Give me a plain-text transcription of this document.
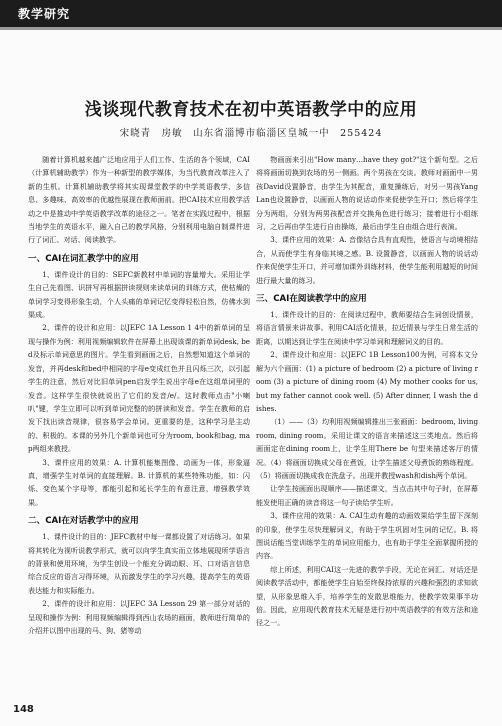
教学研究
浅谈现代教育技术在初中英语教学中的应用
宋晓青　房敏　山东省淄博市临淄区皇城一中　255424

随着计算机越来越广泛地应用于人们工作、生活的各个领域，CAI（计算机辅助教学）作为一种新型的教学媒体，为当代教育改革注入了新的生机。计算机辅助教学将其实现课堂教学的中学英语教学、多信息、多趣味、高效率的优越性展现在教师面前。把CAI技术应用教学活动之中是推动中学英语教学改革的途径之一。笔者在实践过程中，根据当地学生的英语水平，融入自己的教学风格，分别利用电脑自制课件进行了词汇、对话、阅读教学。

一、CAI在词汇教学中的应用

1、课件设计的目的：SEFC新教材中单词的容量增大。采用让学生自己先看图、识拼写再根据拼读规则来读单词的训练方式，使枯燥的单词学习变得形象生动，个人头痛的单词记忆变得轻松自然，仿佛水到渠成。

2、课件的设计和应用：以JEFC 1A Lesson 1 4中的新单词的呈现与操作为例：利用视频编辑软件在屏幕上出现该课的新单词desk, bed及标示单词意思的图片。学生看到画面之后，自然想知道这个单词的发音，并再desk和bed中相同的字母e变成红色并且闪烁三次，以引起学生的注意，然后对比旧单词pen启发学生说出字母e在这组单词里的发音。这样学生很快就说出了它们的发音/e/。这时教师点击"小喇叭"键，学生立即可以听到单词完整的的拼读和发音。学生在教师的启发下找出读音规律，很容易学会单词。更重要的是，这种学习是主动的、积极的。本课的另外几个新单词也可分为room, book和bag, map两组来教授。

3、课件应用的效果：A. 计算机能集图像、动画为一体，形象逼真，增强学生对单词的直接理解。B. 计算机的某些特殊功能，如：闪烁、变色某个字母等，都能引起和延长学生的有意注意，增强教学效果。

二、CAI在对话教学中的应用

1、课件设计的目的：JEFC教材中每一课都设置了对话练习。如果将其转化为视听说教学形式，就可以向学生真实而立体地展现所学语言的背景和使用环境，为学生创设一个能充分调动眼、耳、口对语言信息综合反应的语言习得环境，从而激发学生的学习兴趣，提高学生的英语表达能力和实际能力。

2、课件的设计和应用：以JEFC 3A Lesson 29 第一部分对话的呈现和操作为例：利用视频编辑得到西山农场的画面，教师进行简单的介绍并以图中出现的马、狗、猪等动

物画面来引出"How many…have they got?"这个新句型。之后将将画面切换到农场的另一侧画。两个男孩在交谈。教师对画面中一男孩David设置静音，由学生为其配音，重复操练后，对另一男孩Yang Lan也设置静音，以画面人物的说话动作来促使学生开口；然后将学生分为两组，分别为两男孩配音并交换角色进行练习；接着进行小组练习，之后再由学生进行自由操练，最后由学生自由组合进行表演。

3、课件应用的效果：A. 音像结合具有直观性，使语言与动境相结合，从而使学生有身临其境之感。B. 设置静音，以画面人物的说话动作来促使学生开口，并可增加课外训练材料，使学生能利用越短的时间进行最大量的练习。

三、CAI在阅读教学中的应用

1、课件设计的目的：在阅读过程中，教师要结合生词创设情景，将语言情景来讲故事。利用CAI活化情景，拉近情景与学生日常生活的距离，以期达到让学生在阅读中学习单词和理解词义的目的。

2、课件设计和应用：以JEFC 1B Lesson100为例，可将本文分解为六个画面：(1) a picture of bedroom (2) a picture of living room (3) a picture of dining room (4) My mother cooks for us, but my father cannot cook well. (5) After dinner, I wash the dishes.

（1）——（3）均利用视频编辑推出三张画面：bedroom, living room, dining room。采用让课文的语言来描述这三类地点。然后将画面定在dining room上，让学生用There be 句型来描述客厅的情况。（4）将画面切换成父母在煮饭，让学生描述父母煮饭的熟练程度。（5）将画面切换成我在洗盘子。出现并教授wash和dish两个单词。

让学生按画面出现顺序——描述课文，当点击其中句子时，在屏幕能发使用正确的读音将这一句子读给学生听。

3、课件应用的效果：A. CAI生动有趣的动画效果给学生留下深刻的印象，使学生尽快理解词义，有助于学生巩固对生词的记忆。B. 将图说话能当堂训练学生的单词应用能力，也有助于学生全面掌握所授的内容。

综上所述，利用CAI这一先进的教学手段，无论在词汇、对话还是阅读教学活动中，都能使学生自始至终保持浓厚的兴趣和强烈的求知欲望，从形象思维入手，培养学生的发散思维能力，使教学效果事半功倍。因此，应用现代教育技术无疑是进行初中英语教学的有效方法和途径之一。

148
